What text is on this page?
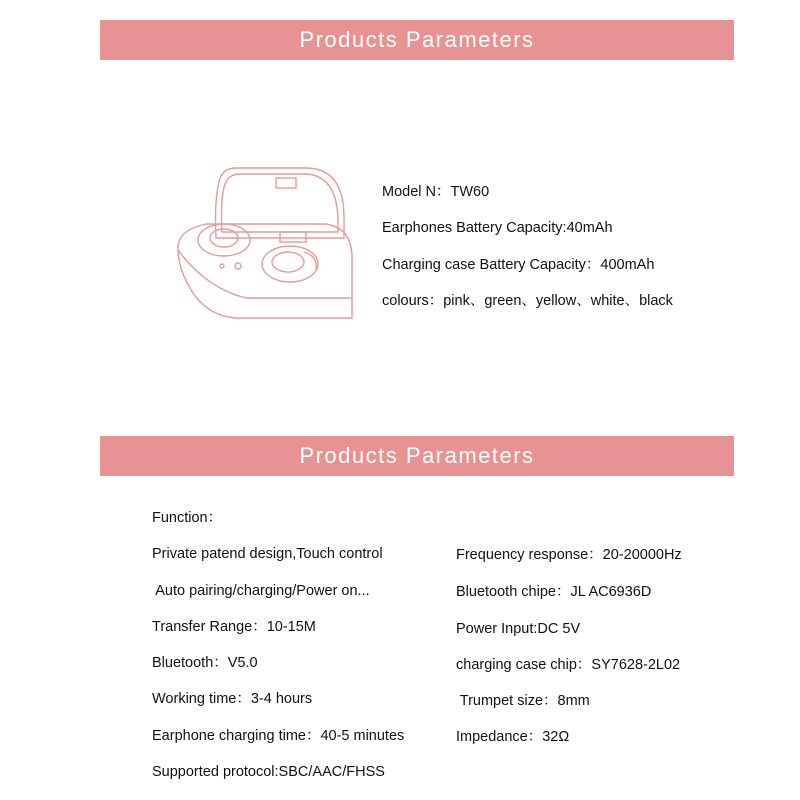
Products Parameters
Model N：TW60
Earphones Battery Capacity:40mAh
Charging case Battery Capacity：400mAh
colours：pink、green、yellow、white、black
Products Parameters
Function：
Private patend design,Touch control
Auto pairing/charging/Power on...
Transfer Range：10-15M
Bluetooth：V5.0
Working time：3-4 hours
Earphone charging time：40-5 minutes
Supported protocol:SBC/AAC/FHSS
Frequency response：20-20000Hz
Bluetooth chipe：JL AC6936D
Power Input:DC 5V
charging case chip：SY7628-2L02
Trumpet size：8mm
Impedance：32Ω
